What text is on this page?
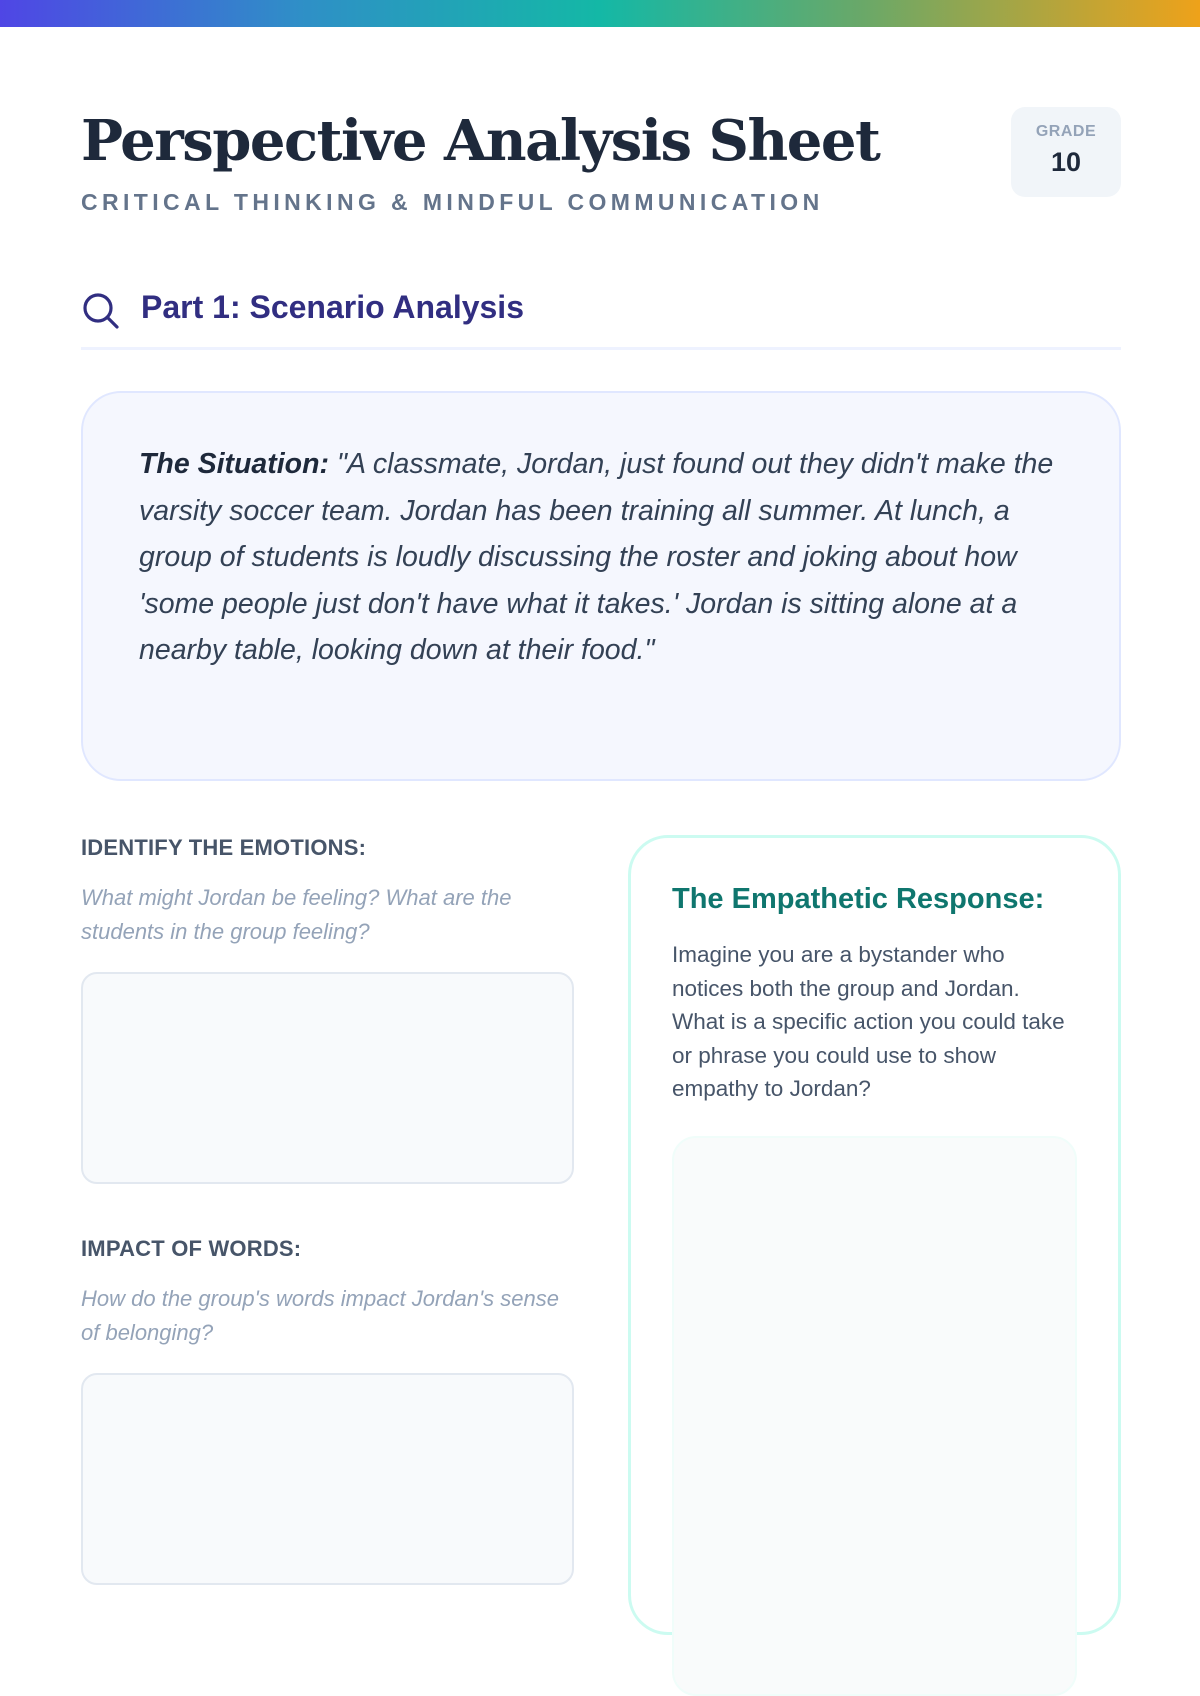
Perspective Analysis Sheet
CRITICAL THINKING & MINDFUL COMMUNICATION
GRADE
10
Part 1: Scenario Analysis

The Situation: "A classmate, Jordan, just found out they didn't make the varsity soccer team. Jordan has been training all summer. At lunch, a group of students is loudly discussing the roster and joking about how 'some people just don't have what it takes.' Jordan is sitting alone at a nearby table, looking down at their food."

IDENTIFY THE EMOTIONS:
What might Jordan be feeling? What are the students in the group feeling?
IMPACT OF WORDS:
How do the group's words impact Jordan's sense of belonging?
The Empathetic Response:
Imagine you are a bystander who notices both the group and Jordan. What is a specific action you could take or phrase you could use to show empathy to Jordan?
